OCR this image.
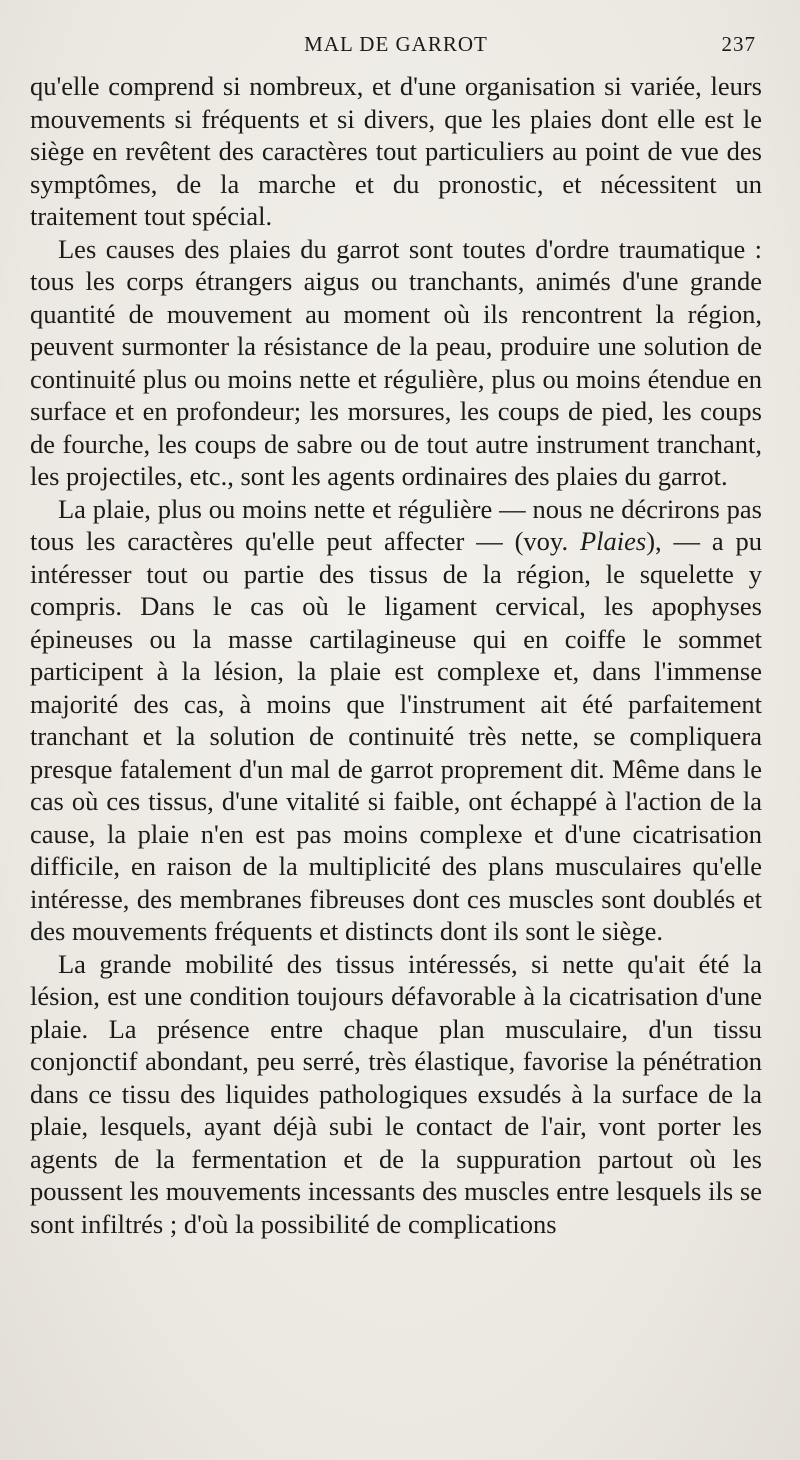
MAL DE GARROT	237

qu'elle comprend si nombreux, et d'une organisation si variée, leurs mouvements si fréquents et si divers, que les plaies dont elle est le siège en revêtent des caractères tout particuliers au point de vue des symptômes, de la marche et du pronostic, et nécessitent un traitement tout spécial.

Les causes des plaies du garrot sont toutes d'ordre traumatique : tous les corps étrangers aigus ou tranchants, animés d'une grande quantité de mouvement au moment où ils rencontrent la région, peuvent surmonter la résistance de la peau, produire une solution de continuité plus ou moins nette et régulière, plus ou moins étendue en surface et en profondeur; les morsures, les coups de pied, les coups de fourche, les coups de sabre ou de tout autre instrument tranchant, les projectiles, etc., sont les agents ordinaires des plaies du garrot.

La plaie, plus ou moins nette et régulière — nous ne décrirons pas tous les caractères qu'elle peut affecter — (voy. Plaies), — a pu intéresser tout ou partie des tissus de la région, le squelette y compris. Dans le cas où le ligament cervical, les apophyses épineuses ou la masse cartilagineuse qui en coiffe le sommet participent à la lésion, la plaie est complexe et, dans l'immense majorité des cas, à moins que l'instrument ait été parfaitement tranchant et la solution de continuité très nette, se compliquera presque fatalement d'un mal de garrot proprement dit. Même dans le cas où ces tissus, d'une vitalité si faible, ont échappé à l'action de la cause, la plaie n'en est pas moins complexe et d'une cicatrisation difficile, en raison de la multiplicité des plans musculaires qu'elle intéresse, des membranes fibreuses dont ces muscles sont doublés et des mouvements fréquents et distincts dont ils sont le siège.

La grande mobilité des tissus intéressés, si nette qu'ait été la lésion, est une condition toujours défavorable à la cicatrisation d'une plaie. La présence entre chaque plan musculaire, d'un tissu conjonctif abondant, peu serré, très élastique, favorise la pénétration dans ce tissu des liquides pathologiques exsudés à la surface de la plaie, lesquels, ayant déjà subi le contact de l'air, vont porter les agents de la fermentation et de la suppuration partout où les poussent les mouvements incessants des muscles entre lesquels ils se sont infiltrés ; d'où la possibilité de complications
